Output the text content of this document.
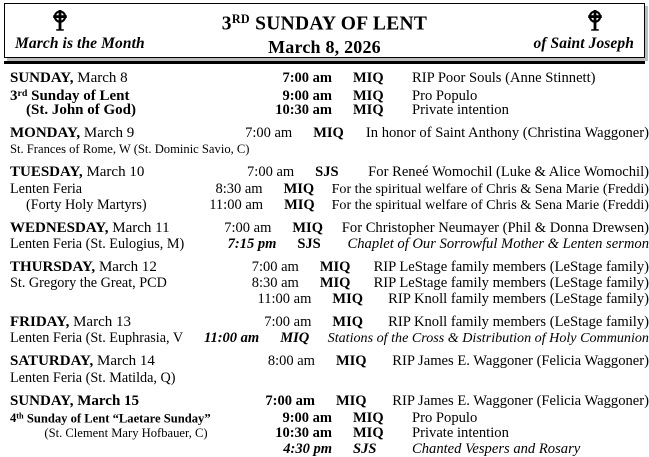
3RD SUNDAY OF LENT
March 8, 2026
March is the Month	of Saint Joseph
SUNDAY, March 8	7:00 am	MIQ	RIP Poor Souls (Anne Stinnett)
3rd Sunday of Lent	9:00 am	MIQ	Pro Populo
(St. John of God)	10:30 am	MIQ	Private intention
MONDAY, March 9	7:00 am	MIQ	In honor of Saint Anthony (Christina Waggoner)
St. Frances of Rome, W (St. Dominic Savio, C)
TUESDAY, March 10	7:00 am	SJS	For Reneé Womochil (Luke & Alice Womochil)
Lenten Feria	8:30 am	MIQ	For the spiritual welfare of Chris & Sena Marie (Freddi)
(Forty Holy Martyrs)	11:00 am	MIQ	For the spiritual welfare of Chris & Sena Marie (Freddi)
WEDNESDAY, March 11	7:00 am	MIQ	For Christopher Neumayer (Phil & Donna Drewsen)
Lenten Feria (St. Eulogius, M)	7:15 pm	SJS	Chaplet of Our Sorrowful Mother & Lenten sermon
THURSDAY, March 12	7:00 am	MIQ	RIP LeStage family members (LeStage family)
St. Gregory the Great, PCD	8:30 am	MIQ	RIP LeStage family members (LeStage family)
11:00 am	MIQ	RIP Knoll family members (LeStage family)
FRIDAY, March 13	7:00 am	MIQ	RIP Knoll family members (LeStage family)
Lenten Feria (St. Euphrasia, V	11:00 am	MIQ	Stations of the Cross & Distribution of Holy Communion
SATURDAY, March 14	8:00 am	MIQ	RIP James E. Waggoner (Felicia Waggoner)
Lenten Feria (St. Matilda, Q)
SUNDAY, March 15	7:00 am	MIQ	RIP James E. Waggoner (Felicia Waggoner)
4th Sunday of Lent “Laetare Sunday”	9:00 am	MIQ	Pro Populo
(St. Clement Mary Hofbauer, C)	10:30 am	MIQ	Private intention
4:30 pm	SJS	Chanted Vespers and Rosary
